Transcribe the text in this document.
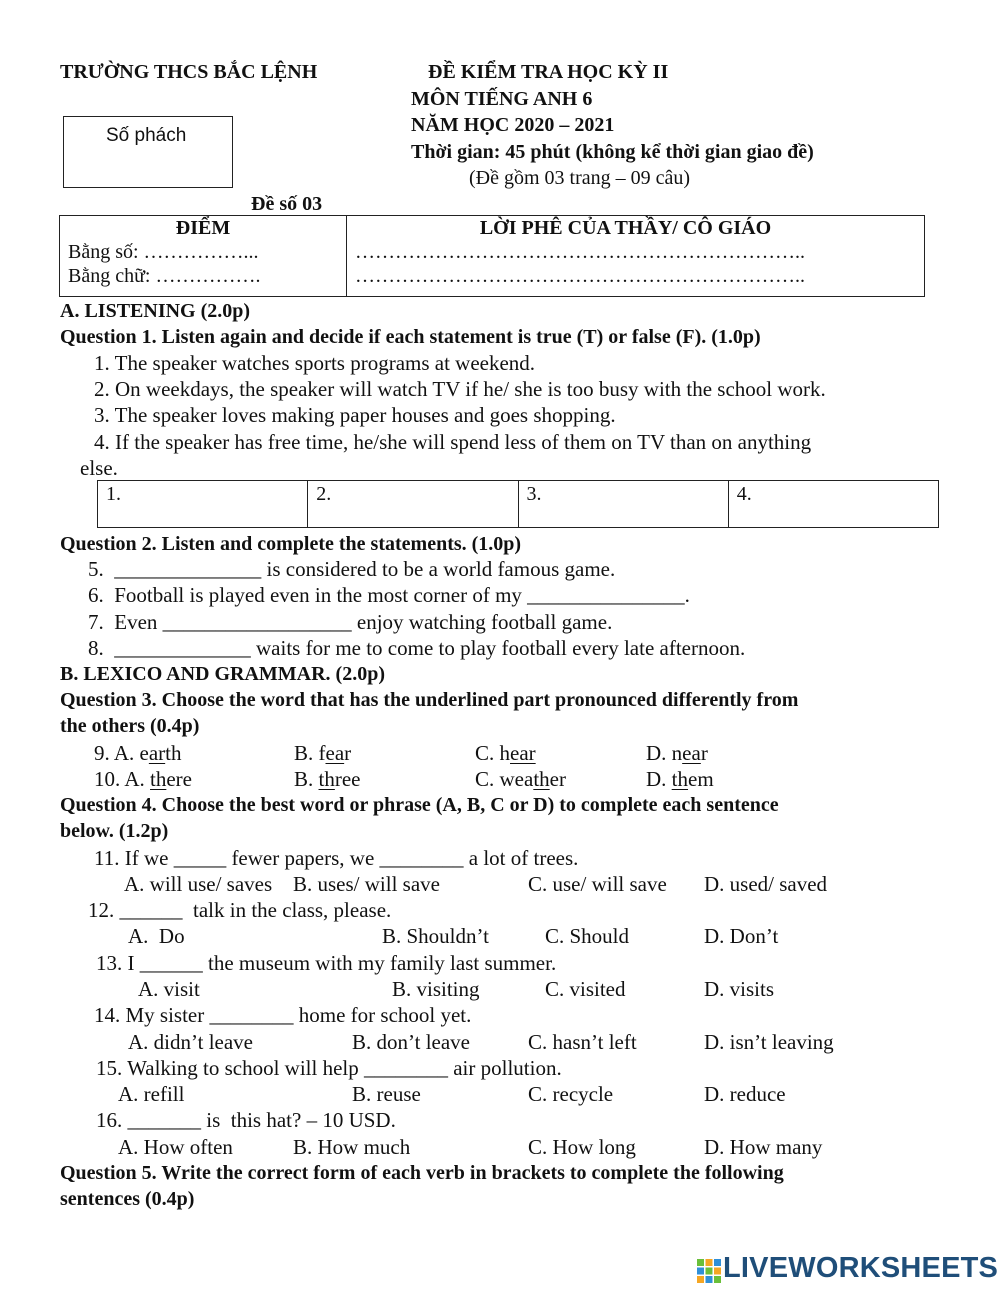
TRƯỜNG THCS BẮC LỆNH	ĐỀ KIỂM TRA HỌC KỲ II
MÔN TIẾNG ANH 6
NĂM HỌC 2020 – 2021
Thời gian: 45 phút (không kể thời gian giao đề)
(Đề gồm 03 trang – 09 câu)
Số phách
Đề số 03
ĐIỂM
Bằng số: ……………...
Bằng chữ: …………….

LỜI PHÊ CỦA THẦY/ CÔ GIÁO
…………………………………………………………..
…………………………………………………………..
A. LISTENING (2.0p)
Question 1. Listen again and decide if each statement is true (T) or false (F). (1.0p)
1. The speaker watches sports programs at weekend.
2. On weekdays, the speaker will watch TV if he/ she is too busy with the school work.
3. The speaker loves making paper houses and goes shopping.
4. If the speaker has free time, he/she will spend less of them on TV than on anything
else.
1.	2.	3.	4.
Question 2. Listen and complete the statements. (1.0p)
5.  ______________ is considered to be a world famous game.
6.  Football is played even in the most corner of my _______________.
7.  Even __________________ enjoy watching football game.
8.  _____________ waits for me to come to play football every late afternoon.
B. LEXICO AND GRAMMAR. (2.0p)
Question 3. Choose the word that has the underlined part pronounced differently from
the others (0.4p)
9. A. earth	B. fear	C. hear	D. near
10. A. there	B. three	C. weather	D. them
Question 4. Choose the best word or phrase (A, B, C or D) to complete each sentence
below. (1.2p)
11. If we _____ fewer papers, we ________ a lot of trees.
A. will use/ saves B. uses/ will save	C. use/ will save D. used/ saved
12. ______  talk in the class, please.
A.  Do	B. Shouldn’t	C. Should	D. Don’t
13. I ______ the museum with my family last summer.
A. visit	B. visiting	C. visited	D. visits
14. My sister ________ home for school yet.
A. didn’t leave	B. don’t leave	C. hasn’t left	D. isn’t leaving
15. Walking to school will help ________ air pollution.
A. refill	B. reuse	C. recycle	D. reduce
16. _______ is  this hat? – 10 USD.
A. How often	B. How much	C. How long	D. How many
Question 5. Write the correct form of each verb in brackets to complete the following
sentences (0.4p)
LIVEWORKSHEETS
